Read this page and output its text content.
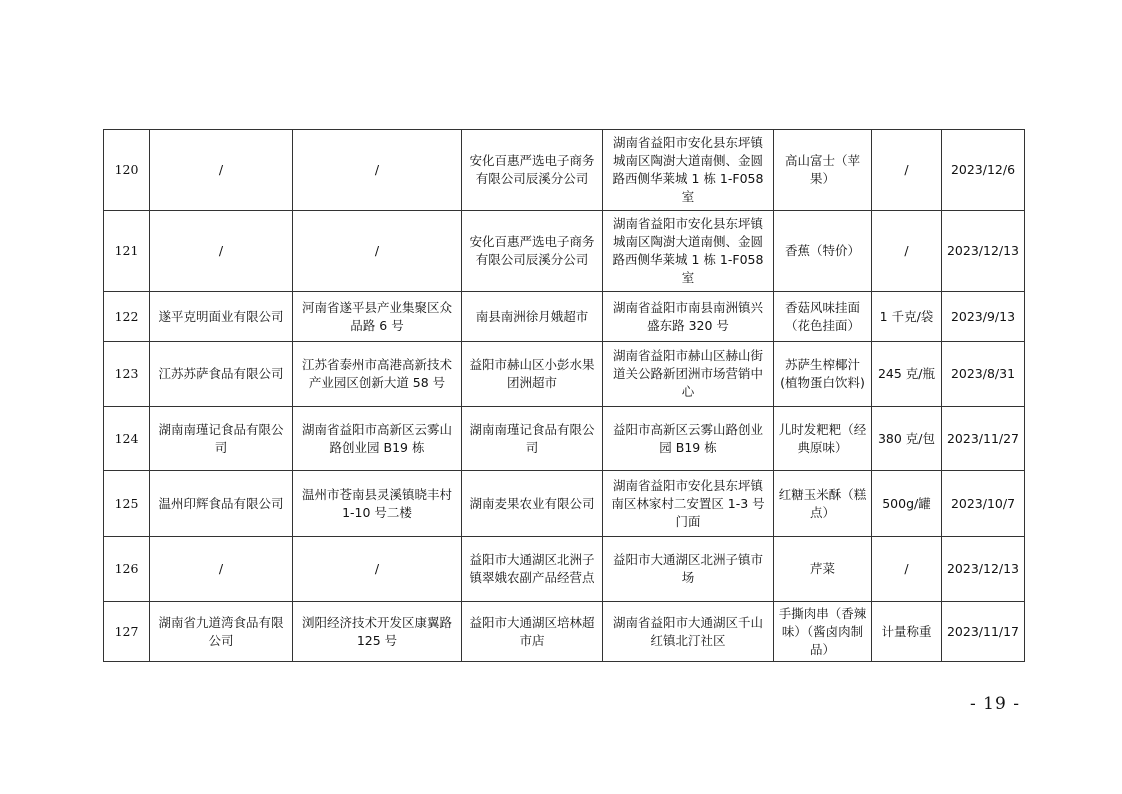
120	/	/	安化百惠严选电子商务有限公司辰溪分公司	湖南省益阳市安化县东坪镇城南区陶澍大道南侧、金圆路西侧华莱城 1 栋 1-F058 室	高山富士（苹果）	/	2023/12/6
121	/	/	安化百惠严选电子商务有限公司辰溪分公司	湖南省益阳市安化县东坪镇城南区陶澍大道南侧、金圆路西侧华莱城 1 栋 1-F058 室	香蕉（特价）	/	2023/12/13
122	遂平克明面业有限公司	河南省遂平县产业集聚区众品路 6 号	南县南洲徐月娥超市	湖南省益阳市南县南洲镇兴盛东路 320 号	香菇风味挂面（花色挂面）	1 千克/袋	2023/9/13
123	江苏苏萨食品有限公司	江苏省泰州市高港高新技术产业园区创新大道 58 号	益阳市赫山区小彭水果团洲超市	湖南省益阳市赫山区赫山街道关公路新团洲市场营销中心	苏萨生榨椰汁(植物蛋白饮料)	245 克/瓶	2023/8/31
124	湖南南瑾记食品有限公司	湖南省益阳市高新区云雾山路创业园 B19 栋	湖南南瑾记食品有限公司	益阳市高新区云雾山路创业园 B19 栋	儿时发粑粑（经典原味）	380 克/包	2023/11/27
125	温州印辉食品有限公司	温州市苍南县灵溪镇晓丰村 1-10 号二楼	湖南麦果农业有限公司	湖南省益阳市安化县东坪镇南区林家村二安置区 1-3 号门面	红糖玉米酥（糕点）	500g/罐	2023/10/7
126	/	/	益阳市大通湖区北洲子镇翠娥农副产品经营点	益阳市大通湖区北洲子镇市场	芹菜	/	2023/12/13
127	湖南省九道湾食品有限公司	浏阳经济技术开发区康翼路 125 号	益阳市大通湖区培林超市店	湖南省益阳市大通湖区千山红镇北汀社区	手撕肉串（香辣味）（酱卤肉制品）	计量称重	2023/11/17
- 19 -
